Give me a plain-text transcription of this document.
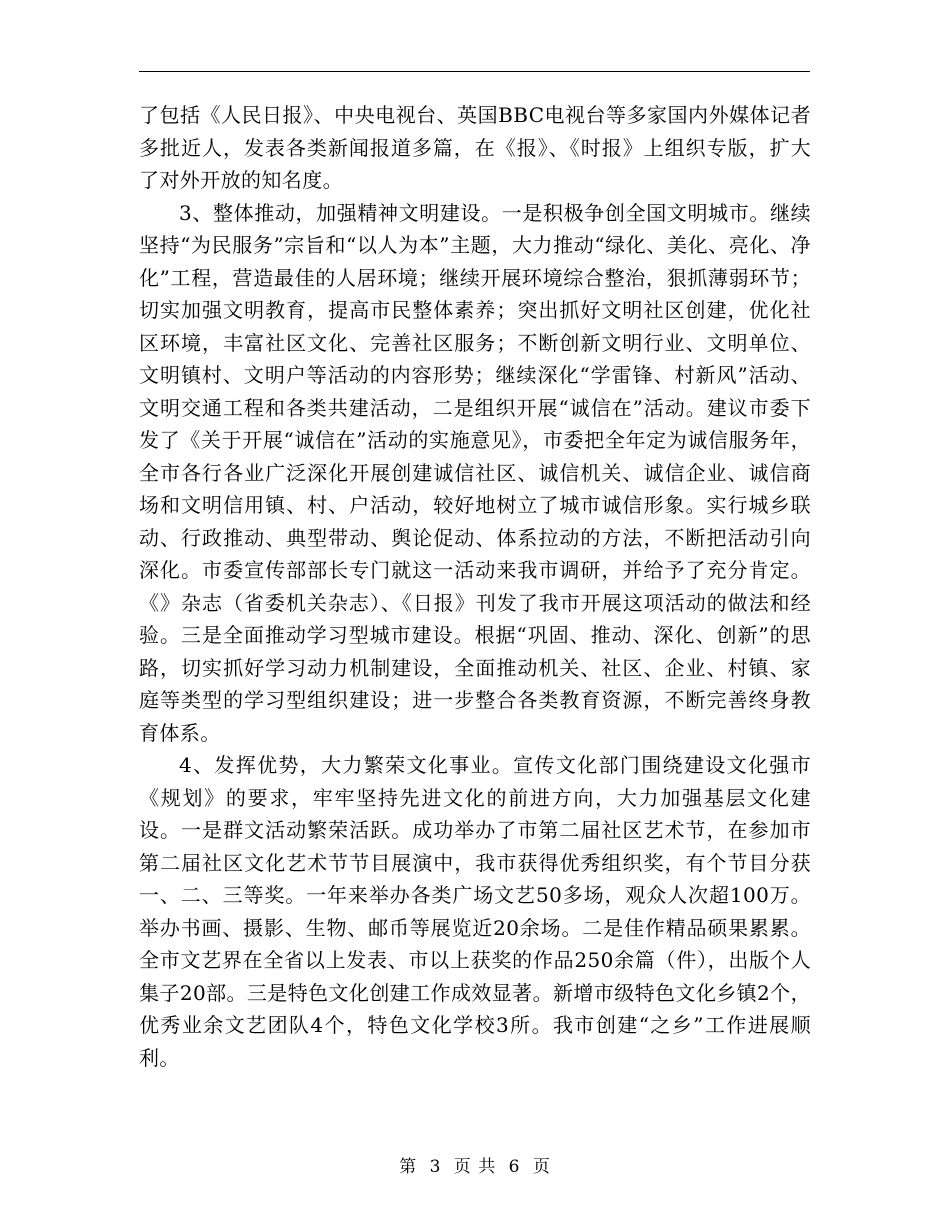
了包括《人民日报》、中央电视台、英国BBC电视台等多家国内外媒体记者多批近人，发表各类新闻报道多篇，在《报》、《时报》上组织专版，扩大了对外开放的知名度。

3、整体推动，加强精神文明建设。一是积极争创全国文明城市。继续坚持“为民服务”宗旨和“以人为本”主题，大力推动“绿化、美化、亮化、净化”工程，营造最佳的人居环境；继续开展环境综合整治，狠抓薄弱环节；切实加强文明教育，提高市民整体素养；突出抓好文明社区创建，优化社区环境，丰富社区文化、完善社区服务；不断创新文明行业、文明单位、文明镇村、文明户等活动的内容形势；继续深化“学雷锋、村新风”活动、文明交通工程和各类共建活动，二是组织开展“诚信在”活动。建议市委下发了《关于开展“诚信在”活动的实施意见》，市委把全年定为诚信服务年，全市各行各业广泛深化开展创建诚信社区、诚信机关、诚信企业、诚信商场和文明信用镇、村、户活动，较好地树立了城市诚信形象。实行城乡联动、行政推动、典型带动、舆论促动、体系拉动的方法，不断把活动引向深化。市委宣传部部长专门就这一活动来我市调研，并给予了充分肯定。《》杂志（省委机关杂志）、《日报》刊发了我市开展这项活动的做法和经验。三是全面推动学习型城市建设。根据“巩固、推动、深化、创新”的思路，切实抓好学习动力机制建设，全面推动机关、社区、企业、村镇、家庭等类型的学习型组织建设；进一步整合各类教育资源，不断完善终身教育体系。

4、发挥优势，大力繁荣文化事业。宣传文化部门围绕建设文化强市《规划》的要求，牢牢坚持先进文化的前进方向，大力加强基层文化建设。一是群文活动繁荣活跃。成功举办了市第二届社区艺术节，在参加市第二届社区文化艺术节节目展演中，我市获得优秀组织奖，有个节目分获一、二、三等奖。一年来举办各类广场文艺50多场，观众人次超100万。举办书画、摄影、生物、邮币等展览近20余场。二是佳作精品硕果累累。全市文艺界在全省以上发表、市以上获奖的作品250余篇（件），出版个人集子20部。三是特色文化创建工作成效显著。新增市级特色文化乡镇2个，优秀业余文艺团队4个，特色文化学校3所。我市创建“之乡”工作进展顺利。

第 3 页 共 6 页
